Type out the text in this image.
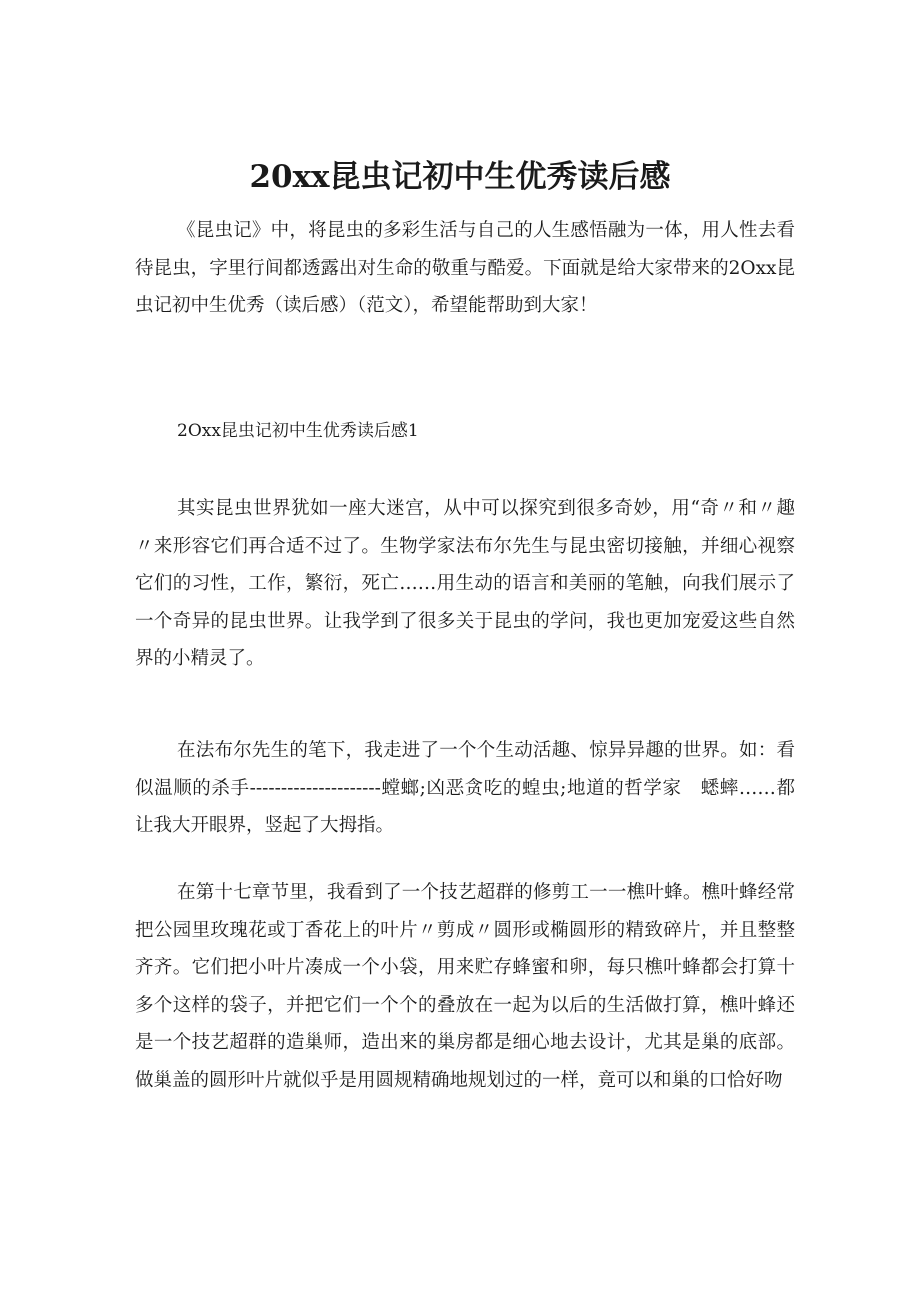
20xx昆虫记初中生优秀读后感

《昆虫记》中，将昆虫的多彩生活与自己的人生感悟融为一体，用人性去看待昆虫，字里行间都透露出对生命的敬重与酷爱。下面就是给大家带来的2Oxx昆虫记初中生优秀（读后感）（范文），希望能帮助到大家！

2Oxx昆虫记初中生优秀读后感1

其实昆虫世界犹如一座大迷宫，从中可以探究到很多奇妙，用“奇〃和〃趣〃来形容它们再合适不过了。生物学家法布尔先生与昆虫密切接触，并细心视察它们的习性，工作，繁衍，死亡……用生动的语言和美丽的笔触，向我们展示了一个奇异的昆虫世界。让我学到了很多关于昆虫的学问，我也更加宠爱这些自然界的小精灵了。

在法布尔先生的笔下，我走进了一个个生动活趣、惊异异趣的世界。如：看似温顺的杀手---------------------螳螂;凶恶贪吃的蝗虫;地道的哲学家　蟋蟀……都让我大开眼界，竖起了大拇指。

在第十七章节里，我看到了一个技艺超群的修剪工一一樵叶蜂。樵叶蜂经常把公园里玫瑰花或丁香花上的叶片〃剪成〃圆形或椭圆形的精致碎片，并且整整齐齐。它们把小叶片凑成一个小袋，用来贮存蜂蜜和卵，每只樵叶蜂都会打算十多个这样的袋子，并把它们一个个的叠放在一起为以后的生活做打算，樵叶蜂还是一个技艺超群的造巢师，造出来的巢房都是细心地去设计，尤其是巢的底部。做巢盖的圆形叶片就似乎是用圆规精确地规划过的一样，竟可以和巢的口恰好吻
